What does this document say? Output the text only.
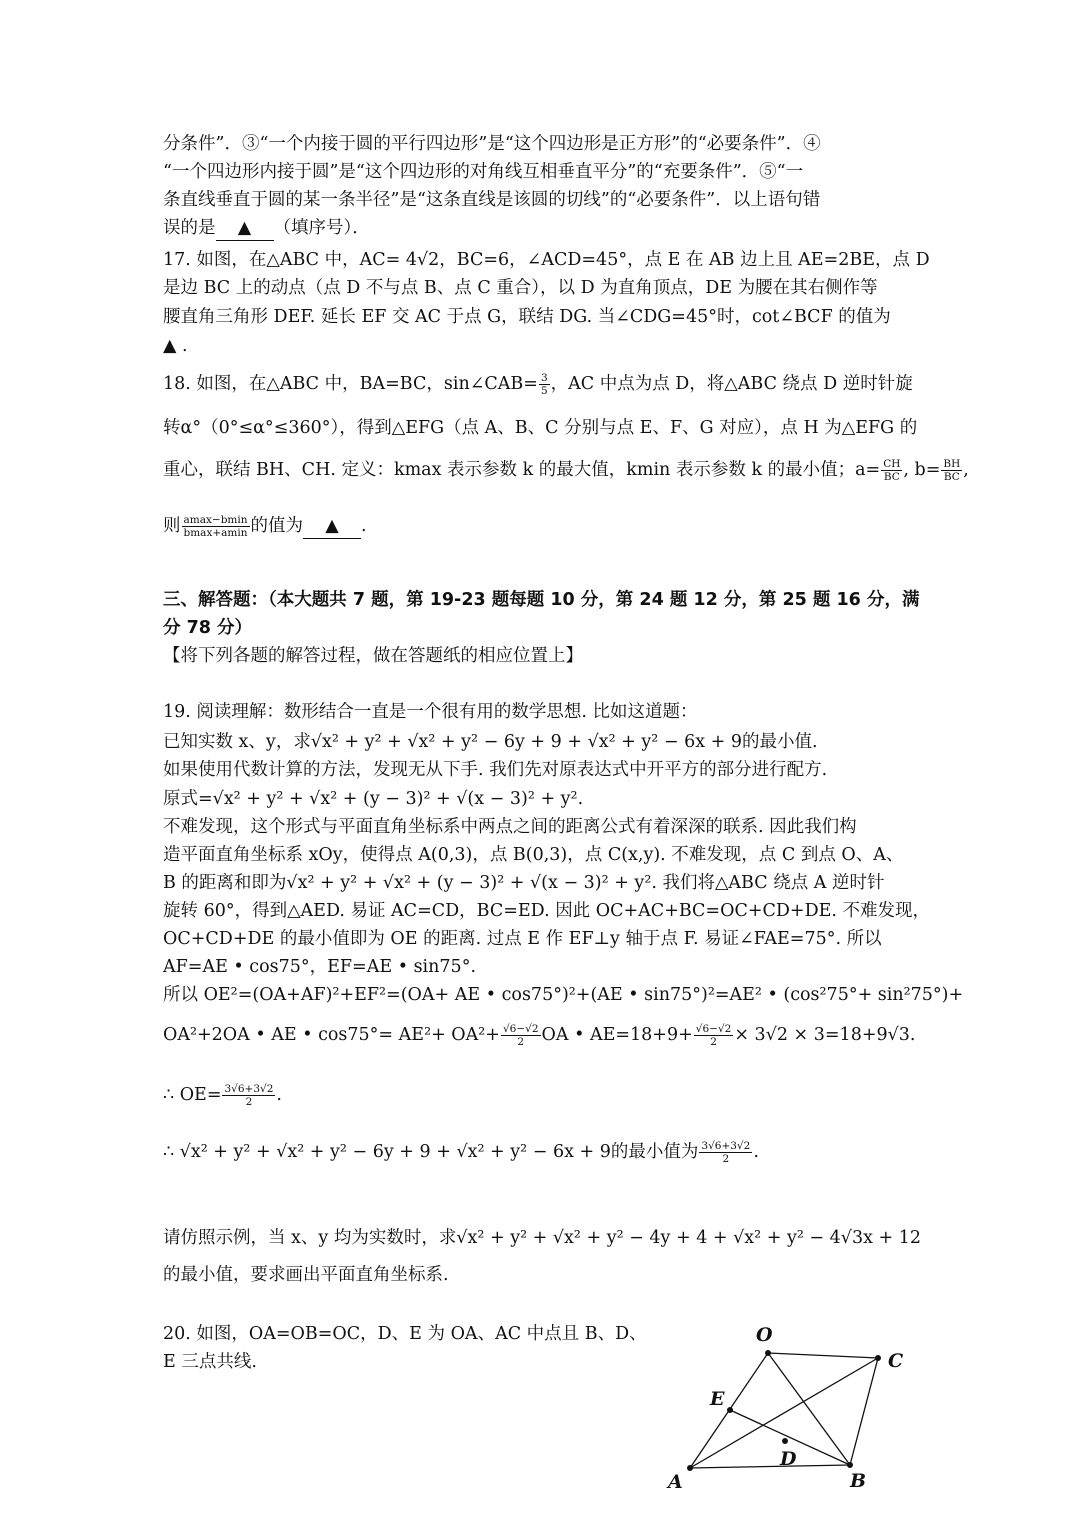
分条件”．③“一个内接于圆的平行四边形”是“这个四边形是正方形”的“必要条件”．④
“一个四边形内接于圆”是“这个四边形的对角线互相垂直平分”的“充要条件”．⑤“一
条直线垂直于圆的某一条半径”是“这条直线是该圆的切线”的“必要条件”．以上语句错
误的是 ▲ （填序号）．
17. 如图，在△ABC 中，AC= 4√2，BC=6，∠ACD=45°，点 E 在 AB 边上且 AE=2BE，点 D
是边 BC 上的动点（点 D 不与点 B、点 C 重合），以 D 为直角顶点，DE 为腰在其右侧作等
腰直角三角形 DEF. 延长 EF 交 AC 于点 G，联结 DG. 当∠CDG=45°时，cot∠BCF 的值为
▲ .
18. 如图，在△ABC 中，BA=BC，sin∠CAB= $\frac{3}{5}$ ，AC 中点为点 D，将△ABC 绕点 D 逆时针旋
转α°（0°≤α°≤360°），得到△EFG（点 A、B、C 分别与点 E、F、G 对应），点 H 为△EFG 的
重心，联结 BH、CH. 定义：kmax 表示参数 k 的最大值，kmin 表示参数 k 的最小值；$a= \frac{CH}{BC}$ , $b= \frac{BH}{BC}$ ,
则 $\frac{amax-bmin}{bmax+amin}$ 的值为 ▲ .
三、解答题：（本大题共 7 题，第 19-23 题每题 10 分，第 24 题 12 分，第 25 题 16 分，满
分 78 分）
【将下列各题的解答过程，做在答题纸的相应位置上】
19. 阅读理解：数形结合一直是一个很有用的数学思想. 比如这道题：
已知实数 x、y，求√x² + y² + √x² + y² − 6y + 9 + √x² + y² − 6x + 9的最小值.
如果使用代数计算的方法，发现无从下手. 我们先对原表达式中开平方的部分进行配方.
原式=√x² + y² + √x² + (y − 3)² + √(x − 3)² + y².
不难发现，这个形式与平面直角坐标系中两点之间的距离公式有着深深的联系. 因此我们构
造平面直角坐标系 xOy，使得点 A(0,3)，点 B(0,3)，点 C(x,y). 不难发现，点 C 到点 O、A、
B 的距离和即为√x² + y² + √x² + (y − 3)² + √(x − 3)² + y². 我们将△ABC 绕点 A 逆时针
旋转 60°，得到△AED. 易证 AC=CD，BC=ED. 因此 OC+AC+BC=OC+CD+DE. 不难发现，
OC+CD+DE 的最小值即为 OE 的距离. 过点 E 作 EF⊥y 轴于点 F. 易证∠FAE=75°. 所以
AF=AE • cos75°，EF=AE • sin75°.
所以 OE²=(OA+AF)²+EF²=(OA+ AE • cos75°)²+(AE • sin75°)²=AE² • (cos²75°+ sin²75°)+
OA²+2OA • AE • $\cos 75^\circ= AE^2+ OA^2+ \frac{√6-√2}{2}$ OA • $AE=18+9+ \frac{√6-√2}{2} \times 3√2 \times 3=18+9√3$.
∴ $OE= \frac{3√6+3√2}{2}$ .
∴ √x² + y² + √x² + y² − 6y + 9 + √x² + y² − 6x + 9的最小值为 $\frac{3√6+3√2}{2}$ .
请仿照示例，当 x、y 均为实数时，求√x² + y² + √x² + y² − 4y + 4 + √x² + y² − 4√3x + 12
的最小值，要求画出平面直角坐标系.
20. 如图，OA=OB=OC，D、E 为 OA、AC 中点且 B、D、
E 三点共线.
O
E
C
D
A	B
